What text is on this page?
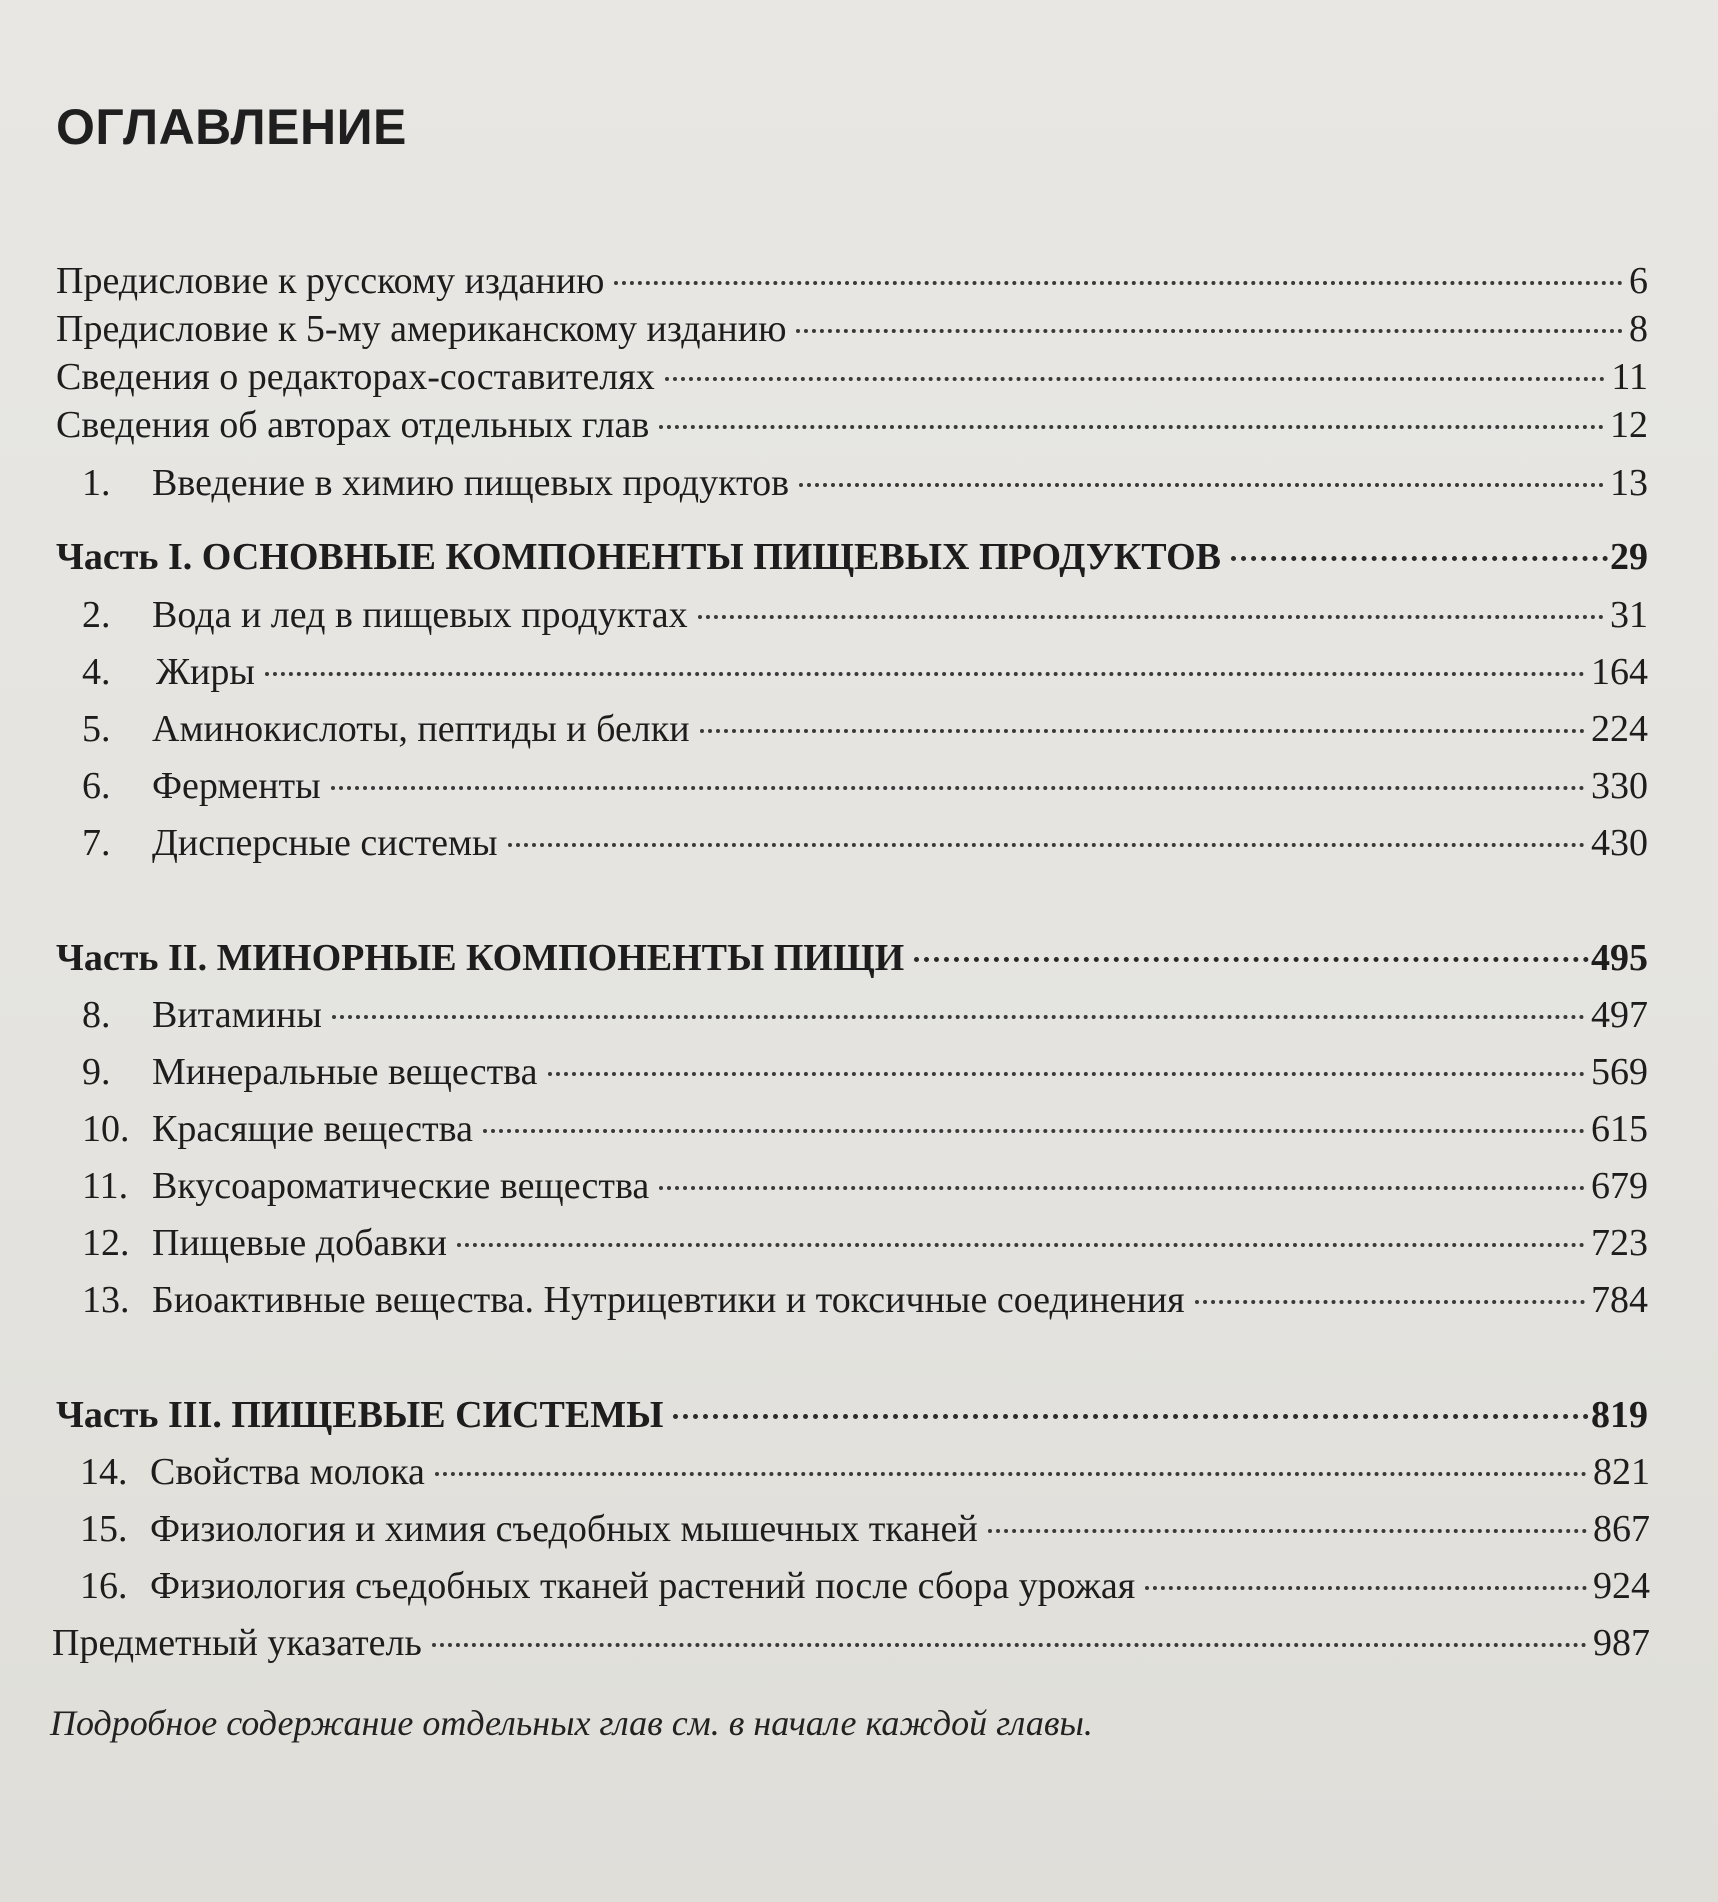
ОГЛАВЛЕНИЕ
Предисловие к русскому изданию	6
Предисловие к 5-му американскому изданию	8
Сведения о редакторах-составителях	11
Сведения об авторах отдельных глав	12
1.	Введение в химию пищевых продуктов	13
Часть I. ОСНОВНЫЕ КОМПОНЕНТЫ ПИЩЕВЫХ ПРОДУКТОВ	29
2.	Вода и лед в пищевых продуктах	31
4.	Жиры	164
5.	Аминокислоты, пептиды и белки	224
6.	Ферменты	330
7.	Дисперсные системы	430
Часть II. МИНОРНЫЕ КОМПОНЕНТЫ ПИЩИ	495
8.	Витамины	497
9.	Минеральные вещества	569
10. Красящие вещества	615
11. Вкусоароматические вещества	679
12. Пищевые добавки	723
13. Биоактивные вещества. Нутрицевтики и токсичные соединения	784
Часть III. ПИЩЕВЫЕ СИСТЕМЫ	819
14. Свойства молока	821
15. Физиология и химия съедобных мышечных тканей	867
16. Физиология съедобных тканей растений после сбора урожая	924
Предметный указатель	987

Подробное содержание отдельных глав см. в начале каждой главы.
